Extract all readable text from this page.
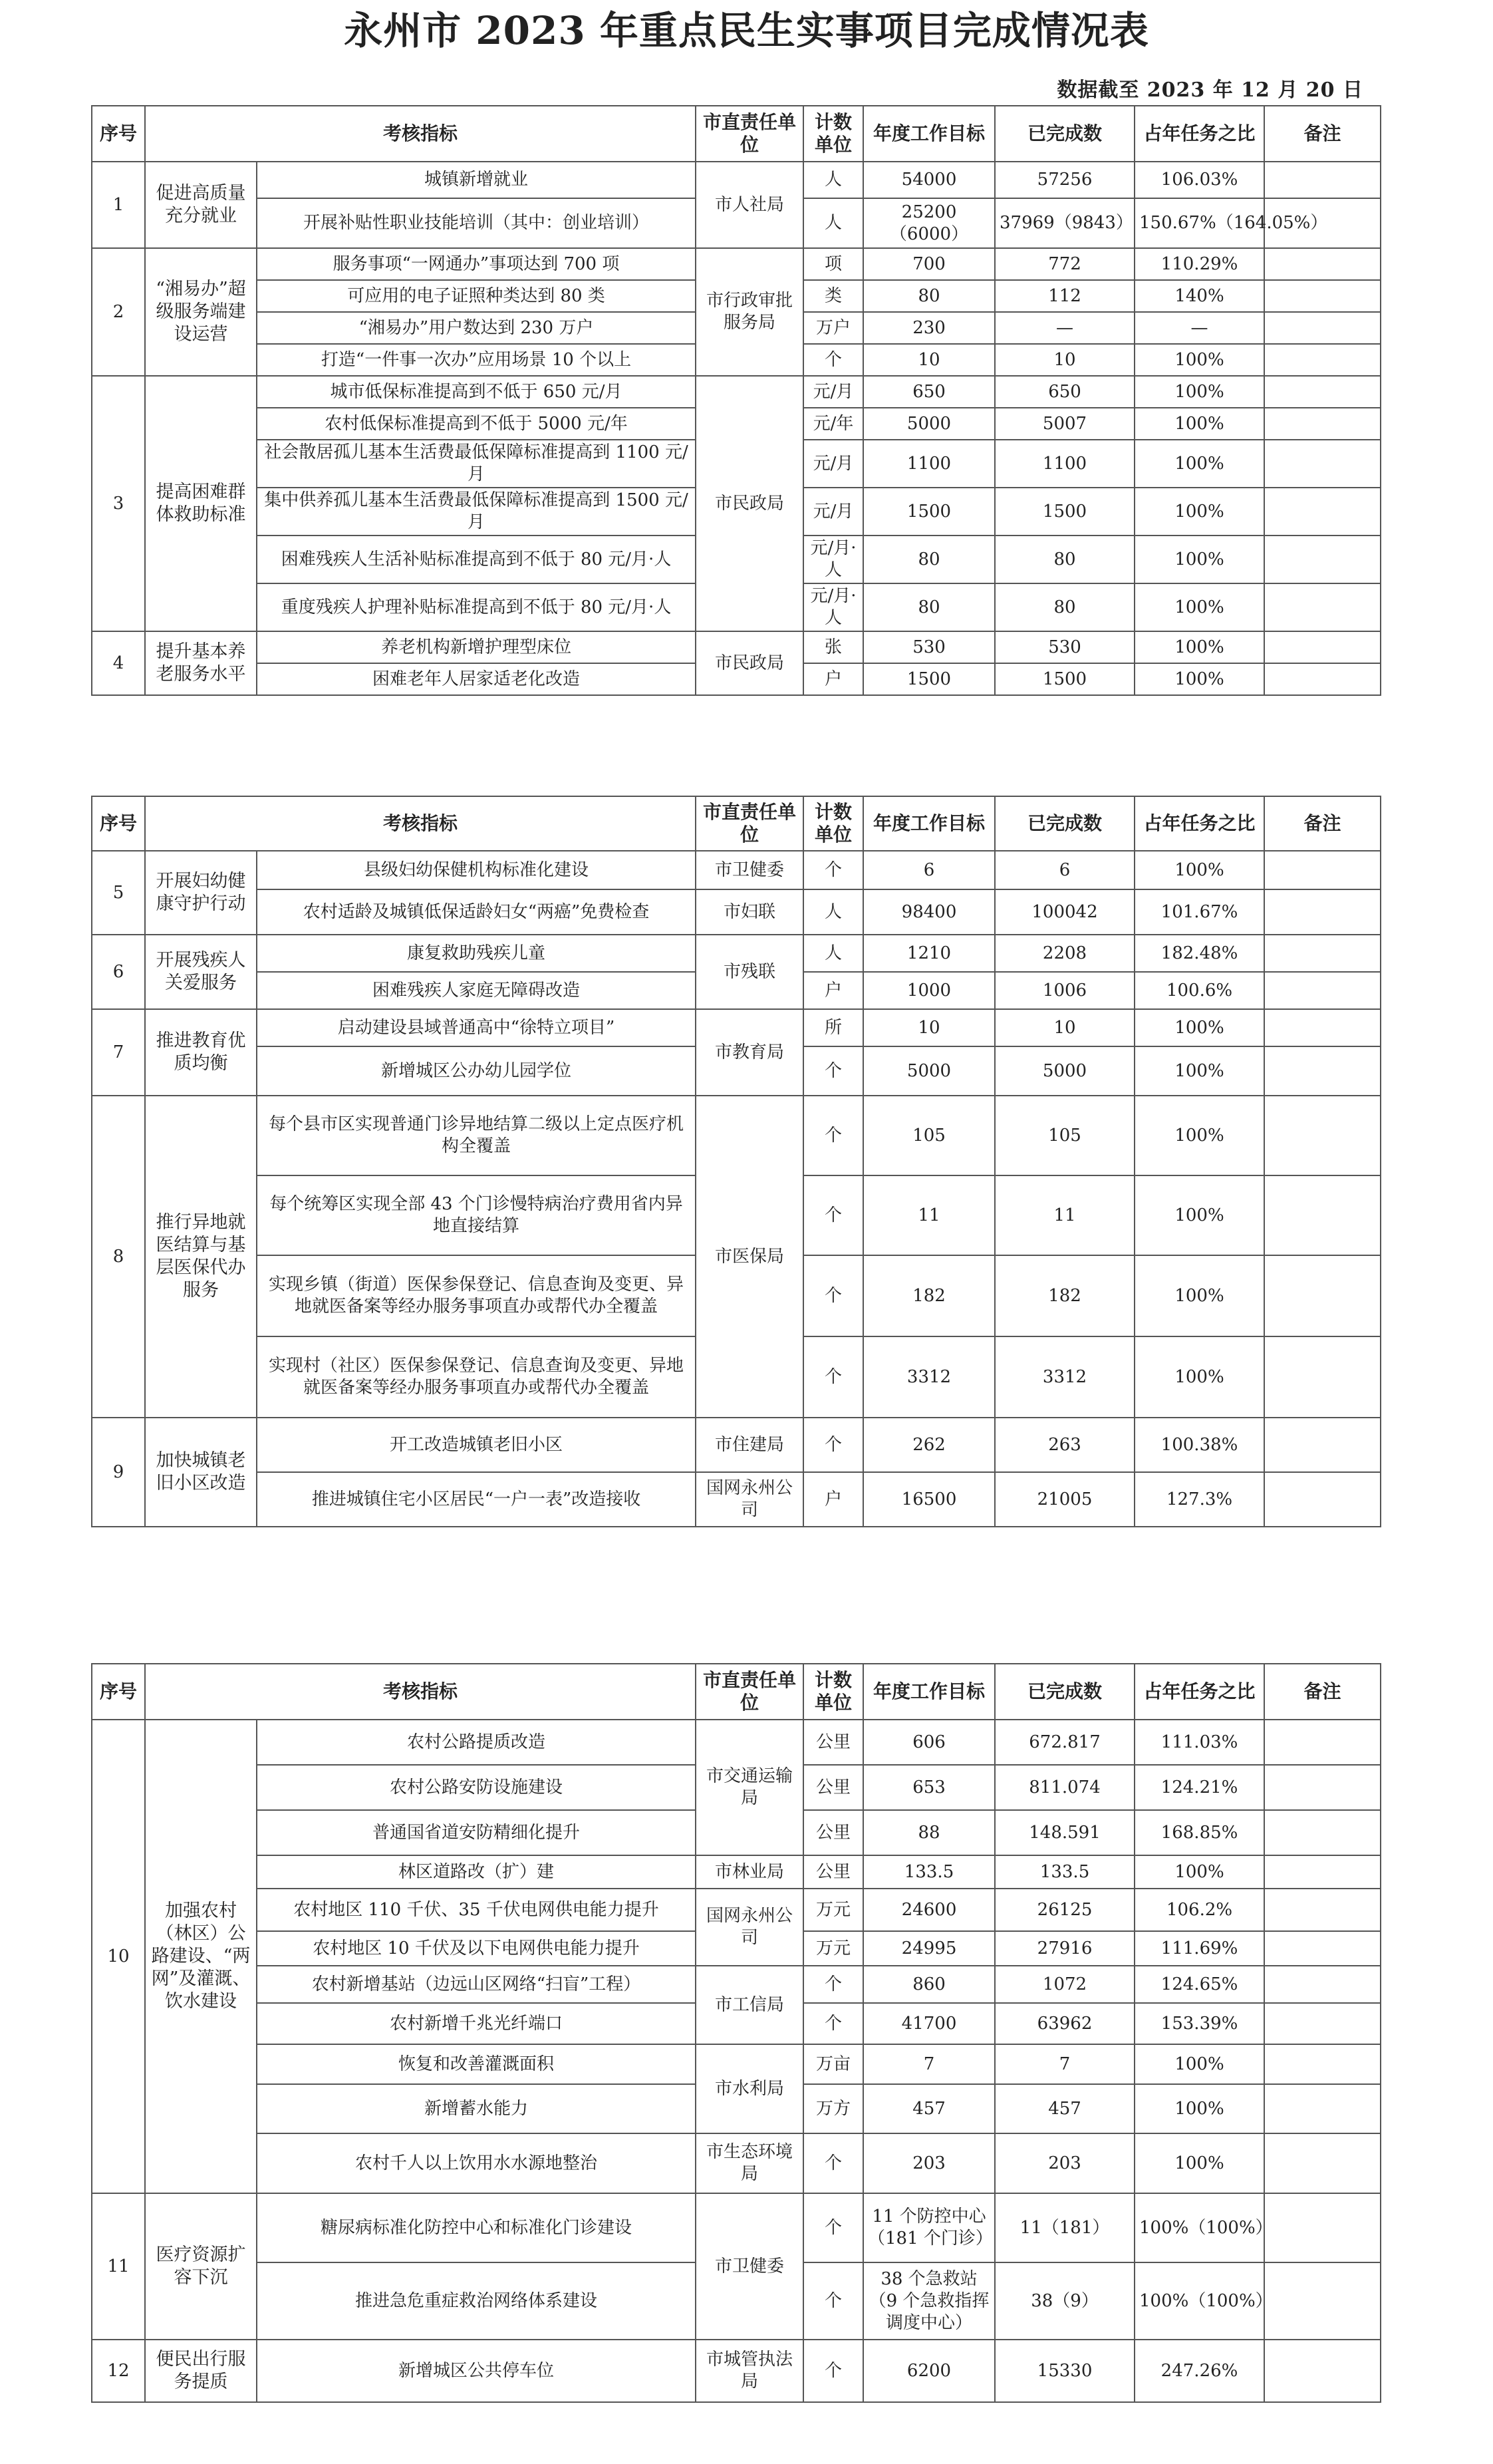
永州市 2023 年重点民生实事项目完成情况表
数据截至 2023 年 12 月 20 日
序号	考核指标		市直责任单位	计数单位	年度工作目标	已完成数	占年任务之比	备注
1	促进高质量充分就业	城镇新增就业	市人社局	人	54000	57256	106.03%	
		开展补贴性职业技能培训（其中：创业培训）		人	25200（6000）	37969（9843）	150.67%（164.05%）	
2	“湘易办”超级服务端建设运营	服务事项“一网通办”事项达到 700 项	市行政审批服务局	项	700	772	110.29%	
		可应用的电子证照种类达到 80 类		类	80	112	140%	
		“湘易办”用户数达到 230 万户		万户	230	—	—	
		打造“一件事一次办”应用场景 10 个以上		个	10	10	100%	
3	提高困难群体救助标准	城市低保标准提高到不低于 650 元/月	市民政局	元/月	650	650	100%	
		农村低保标准提高到不低于 5000 元/年		元/年	5000	5007	100%	
		社会散居孤儿基本生活费最低保障标准提高到 1100 元/月		元/月	1100	1100	100%	
		集中供养孤儿基本生活费最低保障标准提高到 1500 元/月		元/月	1500	1500	100%	
		困难残疾人生活补贴标准提高到不低于 80 元/月·人		元/月·人	80	80	100%	
		重度残疾人护理补贴标准提高到不低于 80 元/月·人		元/月·人	80	80	100%	
4	提升基本养老服务水平	养老机构新增护理型床位	市民政局	张	530	530	100%	
		困难老年人居家适老化改造		户	1500	1500	100%	
序号	考核指标		市直责任单位	计数单位	年度工作目标	已完成数	占年任务之比	备注
5	开展妇幼健康守护行动	县级妇幼保健机构标准化建设	市卫健委	个	6	6	100%	
		农村适龄及城镇低保适龄妇女“两癌”免费检查	市妇联	人	98400	100042	101.67%	
6	开展残疾人关爱服务	康复救助残疾儿童	市残联	人	1210	2208	182.48%	
		困难残疾人家庭无障碍改造		户	1000	1006	100.6%	
7	推进教育优质均衡	启动建设县域普通高中“徐特立项目”	市教育局	所	10	10	100%	
		新增城区公办幼儿园学位		个	5000	5000	100%	
8	推行异地就医结算与基层医保代办服务	每个县市区实现普通门诊异地结算二级以上定点医疗机构全覆盖	市医保局	个	105	105	100%	
		每个统筹区实现全部 43 个门诊慢特病治疗费用省内异地直接结算		个	11	11	100%	
		实现乡镇（街道）医保参保登记、信息查询及变更、异地就医备案等经办服务事项直办或帮代办全覆盖		个	182	182	100%	
		实现村（社区）医保参保登记、信息查询及变更、异地就医备案等经办服务事项直办或帮代办全覆盖		个	3312	3312	100%	
9	加快城镇老旧小区改造	开工改造城镇老旧小区	市住建局	个	262	263	100.38%	
		推进城镇住宅小区居民“一户一表”改造接收	国网永州公司	户	16500	21005	127.3%	
序号	考核指标		市直责任单位	计数单位	年度工作目标	已完成数	占年任务之比	备注
10	加强农村（林区）公路建设、“两网”及灌溉、饮水建设	农村公路提质改造	市交通运输局	公里	606	672.817	111.03%	
		农村公路安防设施建设		公里	653	811.074	124.21%	
		普通国省道安防精细化提升		公里	88	148.591	168.85%	
		林区道路改（扩）建	市林业局	公里	133.5	133.5	100%	
		农村地区 110 千伏、35 千伏电网供电能力提升	国网永州公司	万元	24600	26125	106.2%	
		农村地区 10 千伏及以下电网供电能力提升		万元	24995	27916	111.69%	
		农村新增基站（边远山区网络“扫盲”工程）	市工信局	个	860	1072	124.65%	
		农村新增千兆光纤端口		个	41700	63962	153.39%	
		恢复和改善灌溉面积	市水利局	万亩	7	7	100%	
		新增蓄水能力		万方	457	457	100%	
		农村千人以上饮用水水源地整治	市生态环境局	个	203	203	100%	
11	医疗资源扩容下沉	糖尿病标准化防控中心和标准化门诊建设	市卫健委	个	11 个防控中心（181 个门诊）	11（181）	100%（100%）	
		推进急危重症救治网络体系建设		个	38 个急救站（9 个急救指挥调度中心）	38（9）	100%（100%）	
12	便民出行服务提质	新增城区公共停车位	市城管执法局	个	6200	15330	247.26%	
